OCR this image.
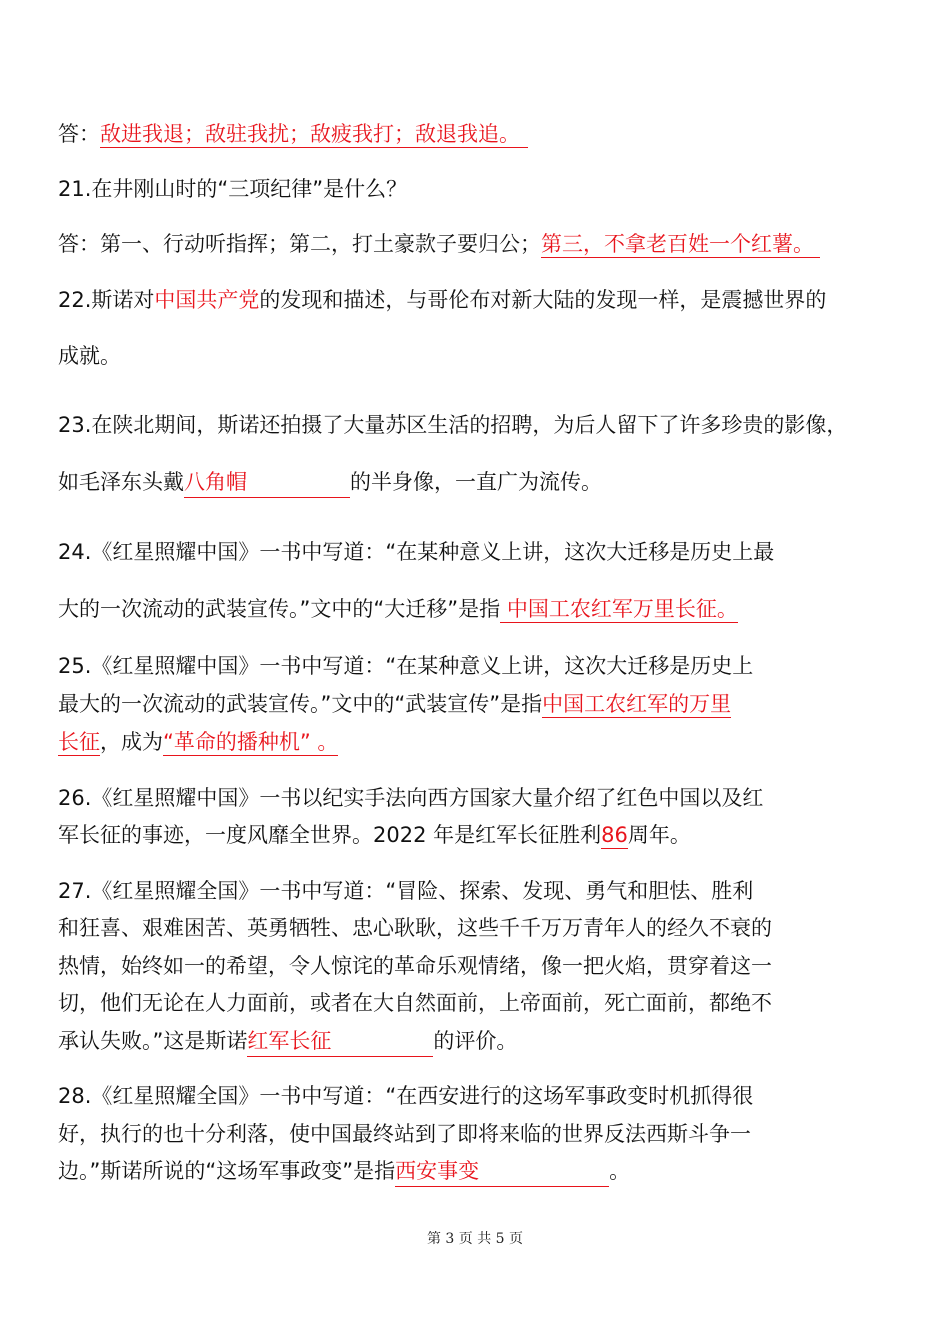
答：敌进我退；敌驻我扰；敌疲我打；敌退我追。
21.在井刚山时的“三项纪律”是什么？
答：第一、行动听指挥；第二，打土豪款子要归公；第三，不拿老百姓一个红薯。
22.斯诺对中国共产党的发现和描述，与哥伦布对新大陆的发现一样，是震撼世界的
成就。
23.在陕北期间，斯诺还拍摄了大量苏区生活的招聘，为后人留下了许多珍贵的影像，
如毛泽东头戴八角帽	的半身像，一直广为流传。
24.《红星照耀中国》一书中写道：“在某种意义上讲，这次大迁移是历史上最
大的一次流动的武装宣传。”文中的“大迁移”是指 中国工农红军万里长征。
25.《红星照耀中国》一书中写道：“在某种意义上讲，这次大迁移是历史上
最大的一次流动的武装宣传。”文中的“武装宣传”是指中国工农红军的万里
长征，成为“革命的播种机” 。
26.《红星照耀中国》一书以纪实手法向西方国家大量介绍了红色中国以及红
军长征的事迹，一度风靡全世界。2022 年是红军长征胜利86周年。
27.《红星照耀全国》一书中写道：“冒险、探索、发现、勇气和胆怯、胜利
和狂喜、艰难困苦、英勇牺牲、忠心耿耿，这些千千万万青年人的经久不衰的
热情，始终如一的希望，令人惊诧的革命乐观情绪，像一把火焰，贯穿着这一
切，他们无论在人力面前，或者在大自然面前，上帝面前，死亡面前，都绝不
承认失败。”这是斯诺红军长征	的评价。
28.《红星照耀全国》一书中写道：“在西安进行的这场军事政变时机抓得很
好，执行的也十分利落，使中国最终站到了即将来临的世界反法西斯斗争一
边。”斯诺所说的“这场军事政变”是指西安事变	。
第 3 页 共 5 页
